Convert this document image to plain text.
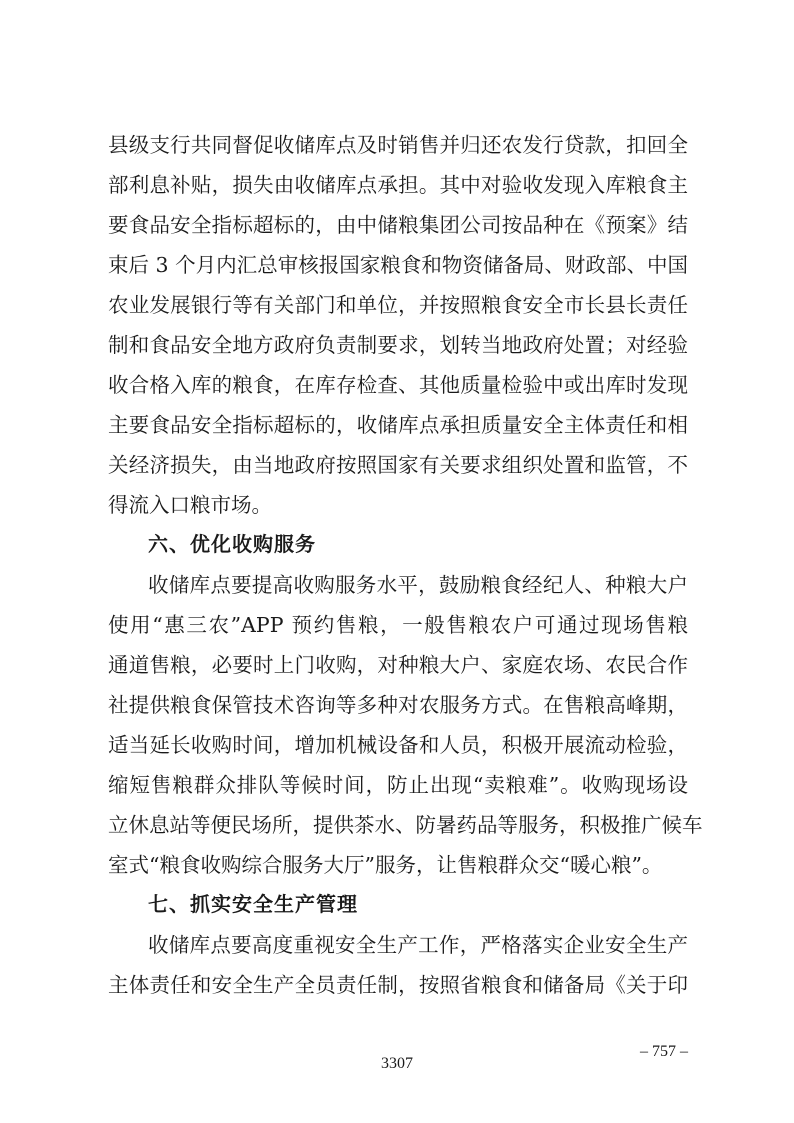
县级支行共同督促收储库点及时销售并归还农发行贷款，扣回全
部利息补贴，损失由收储库点承担。其中对验收发现入库粮食主
要食品安全指标超标的，由中储粮集团公司按品种在《预案》结
束后 3 个月内汇总审核报国家粮食和物资储备局、财政部、中国
农业发展银行等有关部门和单位，并按照粮食安全市长县长责任
制和食品安全地方政府负责制要求，划转当地政府处置；对经验
收合格入库的粮食，在库存检查、其他质量检验中或出库时发现
主要食品安全指标超标的，收储库点承担质量安全主体责任和相
关经济损失，由当地政府按照国家有关要求组织处置和监管，不
得流入口粮市场。
六、优化收购服务
收储库点要提高收购服务水平，鼓励粮食经纪人、种粮大户
使用“惠三农”APP 预约售粮，一般售粮农户可通过现场售粮
通道售粮，必要时上门收购，对种粮大户、家庭农场、农民合作
社提供粮食保管技术咨询等多种对农服务方式。在售粮高峰期，
适当延长收购时间，增加机械设备和人员，积极开展流动检验，
缩短售粮群众排队等候时间，防止出现“卖粮难”。收购现场设
立休息站等便民场所，提供茶水、防暑药品等服务，积极推广候车
室式“粮食收购综合服务大厅”服务，让售粮群众交“暖心粮”。
七、抓实安全生产管理
收储库点要高度重视安全生产工作，严格落实企业安全生产
主体责任和安全生产全员责任制，按照省粮食和储备局《关于印
– 757 –
3307
